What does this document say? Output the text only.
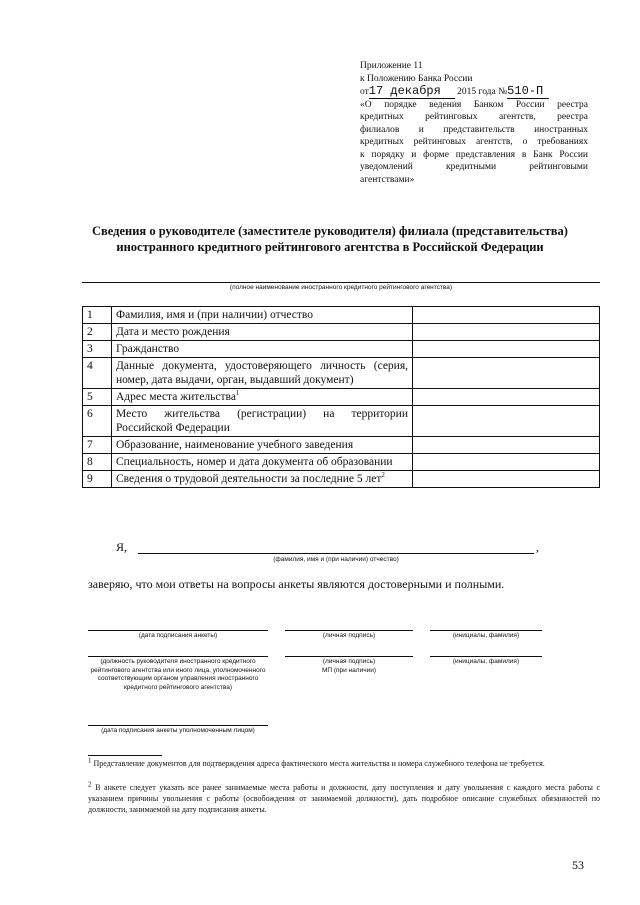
Приложение 11
к Положению Банка России
от17 декабря 2015 года №510-П
«О порядке ведения Банком России реестра
кредитных рейтинговых агентств, реестра
филиалов и представительств иностранных
кредитных рейтинговых агентств, о требованиях
к порядку и форме представления в Банк России
уведомлений кредитными рейтинговыми
агентствами»
Сведения о руководителе (заместителе руководителя) филиала (представительства)
иностранного кредитного рейтингового агентства в Российской Федерации
(полное наименование иностранного кредитного рейтингового агентства)
1	Фамилия, имя и (при наличии) отчество	
2	Дата и место рождения	
3	Гражданство	
4	Данные документа, удостоверяющего личность (серия, номер, дата выдачи, орган, выдавший документ)	
5	Адрес места жительства$^1$	
6	Место жительства (регистрации) на территории Российской Федерации	
7	Образование, наименование учебного заведения	
8	Специальность, номер и дата документа об образовании	
9	Сведения о трудовой деятельности за последние 5 лет$^2$	
Я,	,
(фамилия, имя и (при наличии) отчество)
заверяю, что мои ответы на вопросы анкеты являются достоверными и полными.
(дата подписания анкеты)	(личная подпись)	(инициалы, фамилия)
(должность руководителя иностранного кредитного рейтингового агентства или иного лица, уполномоченного соответствующим органом управления иностранного кредитного рейтингового агентства)
(личная подпись)
МП (при наличии)
(инициалы, фамилия)
(дата подписания анкеты уполномоченным лицом)
$^1$ Представление документов для подтверждения адреса фактического места жительства и номера служебного телефона не требуется.
$^2$ В анкете следует указать все ранее занимаемые места работы и должности, дату поступления и дату увольнения с каждого места работы с указанием причины увольнения с работы (освобождения от занимаемой должности), дать подробное описание служебных обязанностей по должности, занимаемой на дату подписания анкеты.
53
